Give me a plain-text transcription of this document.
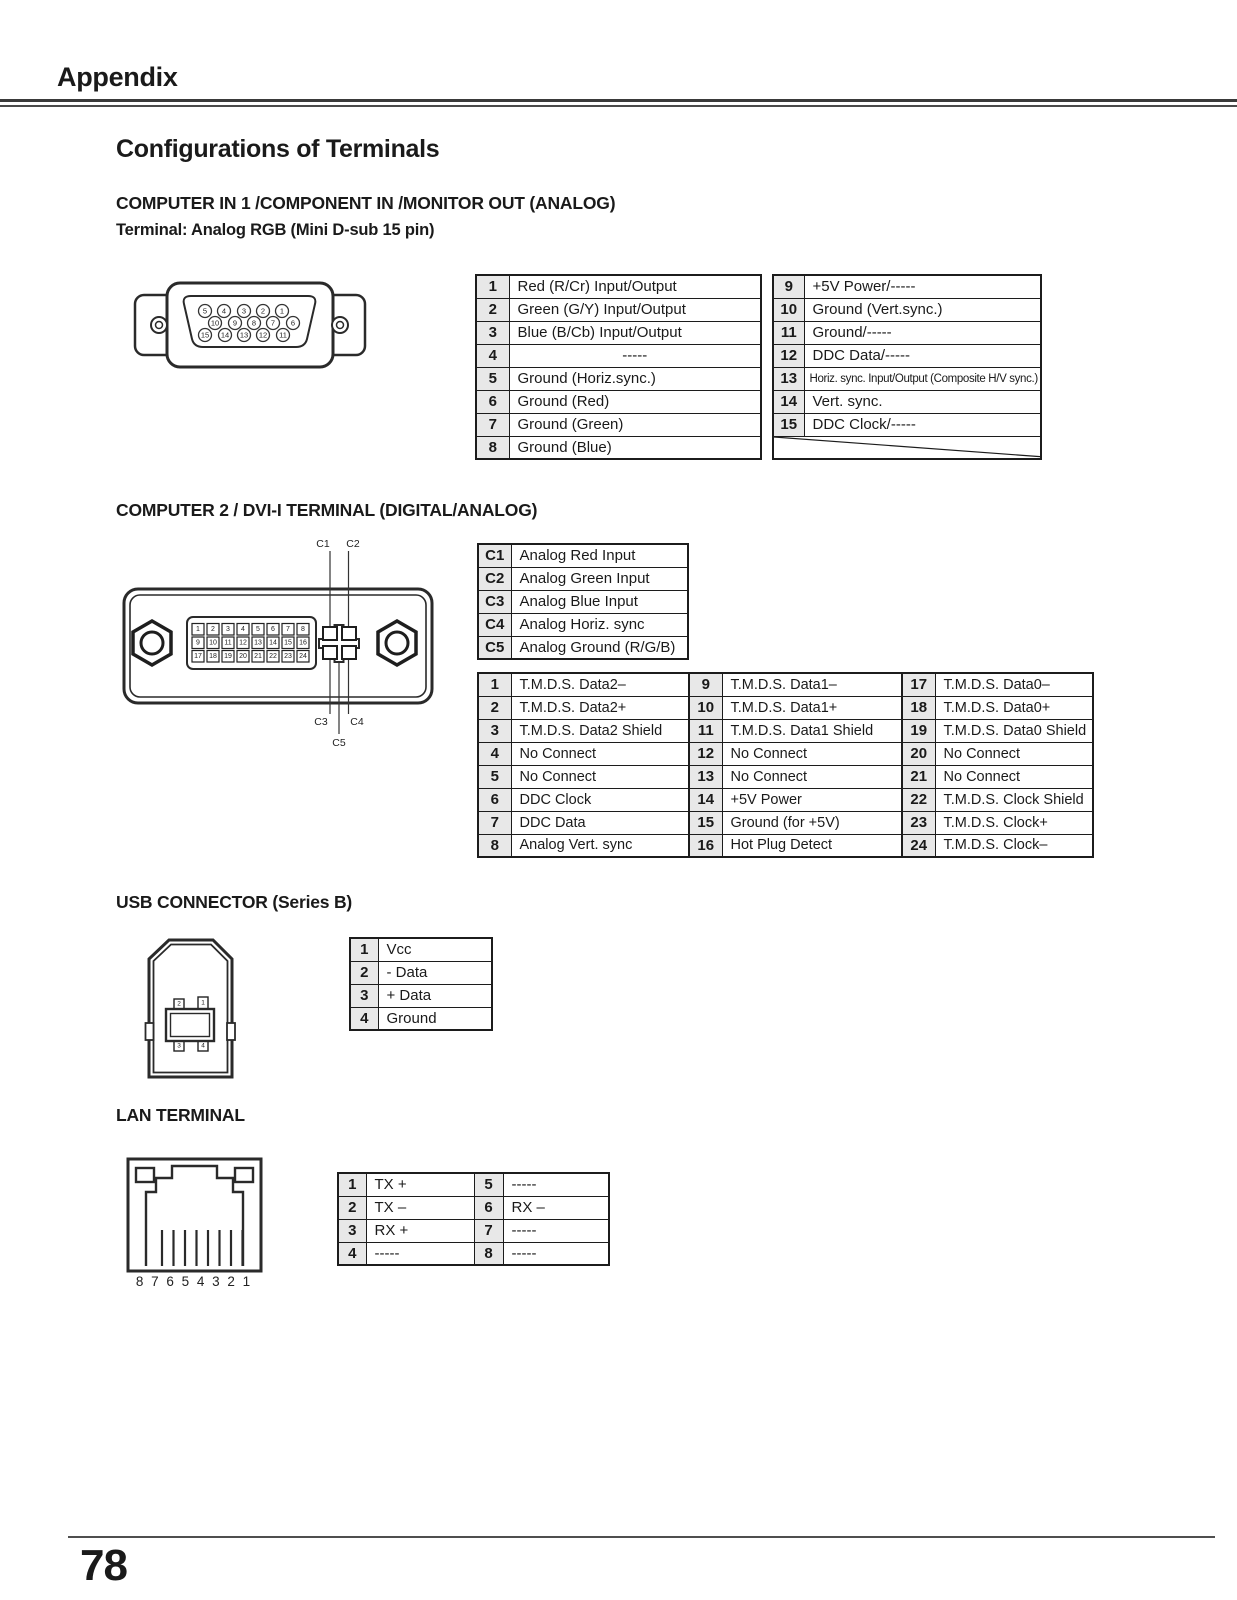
Appendix
Configurations of Terminals
COMPUTER IN 1 /COMPONENT IN /MONITOR OUT (ANALOG)
Terminal: Analog RGB (Mini D-sub 15 pin)
5 4 3 2 1
10 9 8 7 6
15 14 13 12 11
1	Red (R/Cr) Input/Output
2	Green (G/Y) Input/Output
3	Blue (B/Cb) Input/Output
4	-----
5	Ground (Horiz.sync.)
6	Ground (Red)
7	Ground (Green)
8	Ground (Blue)
9	+5V Power/-----
10	Ground (Vert.sync.)
11	Ground/-----
12	DDC Data/-----
13	Horiz. sync. Input/Output (Composite H/V sync.)
14	Vert. sync.
15	DDC Clock/-----

COMPUTER 2 / DVI-I TERMINAL (DIGITAL/ANALOG)
1 2 3 4 5 6 7 8
9 10 11 12 13 14 15 16
17 18 19 20 21 22 23 24
C1 C2
C3 C4
C5
C1	Analog Red Input
C2	Analog Green Input
C3	Analog Blue Input
C4	Analog Horiz. sync
C5	Analog Ground (R/G/B)
1	T.M.D.S. Data2–
2	T.M.D.S. Data2+
3	T.M.D.S. Data2 Shield
4	No Connect
5	No Connect
6	DDC Clock
7	DDC Data
8	Analog Vert. sync
9	T.M.D.S. Data1–
10	T.M.D.S. Data1+
11	T.M.D.S. Data1 Shield
12	No Connect
13	No Connect
14	+5V Power
15	Ground (for +5V)
16	Hot Plug Detect
17	T.M.D.S. Data0–
18	T.M.D.S. Data0+
19	T.M.D.S. Data0 Shield
20	No Connect
21	No Connect
22	T.M.D.S. Clock Shield
23	T.M.D.S. Clock+
24	T.M.D.S. Clock–
USB CONNECTOR (Series B)
2	1
3	4
1	Vcc
2	- Data
3	+ Data
4	Ground
LAN TERMINAL
8 7 6 5 4 3 2 1
1	TX +	5	-----
2	TX –	6	RX –
3	RX +	7	-----
4	-----	8	-----
78
